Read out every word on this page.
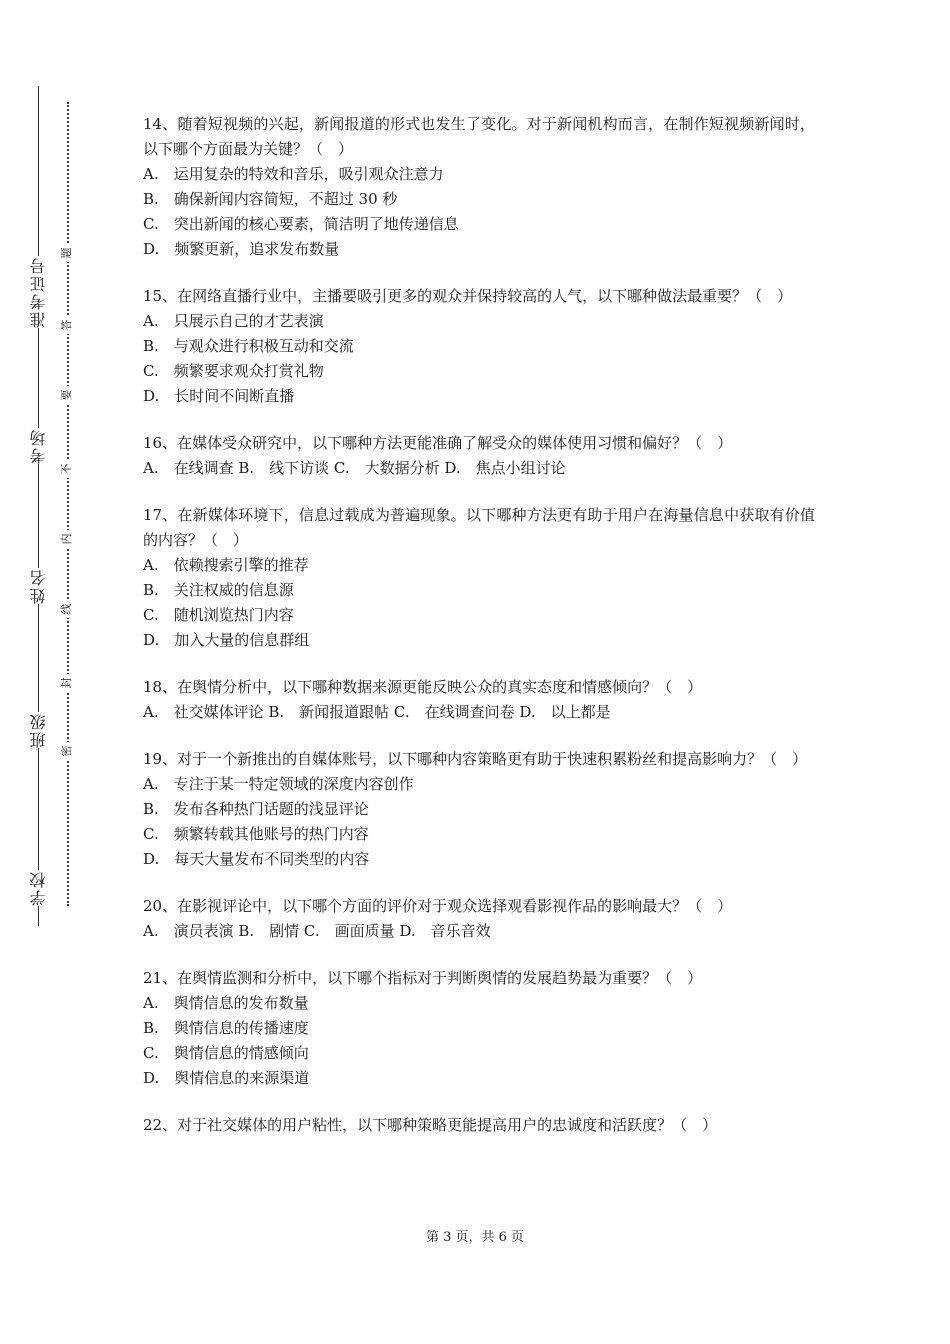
学校
班级
姓名
考场
准考证号
密
封
线
内
不
要
答
题

14、随着短视频的兴起，新闻报道的形式也发生了变化。对于新闻机构而言，在制作短视频新闻时，以下哪个方面最为关键？（　）

A.　运用复杂的特效和音乐，吸引观众注意力

B.　确保新闻内容简短，不超过 30 秒

C.　突出新闻的核心要素，简洁明了地传递信息

D.　频繁更新，追求发布数量

15、在网络直播行业中，主播要吸引更多的观众并保持较高的人气，以下哪种做法最重要？（　）

A.　只展示自己的才艺表演

B.　与观众进行积极互动和交流

C.　频繁要求观众打赏礼物

D.　长时间不间断直播

16、在媒体受众研究中，以下哪种方法更能准确了解受众的媒体使用习惯和偏好？（　）

A.　在线调查 B.　线下访谈 C.　大数据分析 D.　焦点小组讨论

17、在新媒体环境下，信息过载成为普遍现象。以下哪种方法更有助于用户在海量信息中获取有价值的内容？（　）

A.　依赖搜索引擎的推荐

B.　关注权威的信息源

C.　随机浏览热门内容

D.　加入大量的信息群组

18、在舆情分析中，以下哪种数据来源更能反映公众的真实态度和情感倾向？（　）

A.　社交媒体评论 B.　新闻报道跟帖 C.　在线调查问卷 D.　以上都是

19、对于一个新推出的自媒体账号，以下哪种内容策略更有助于快速积累粉丝和提高影响力？（　）

A.　专注于某一特定领域的深度内容创作

B.　发布各种热门话题的浅显评论

C.　频繁转载其他账号的热门内容

D.　每天大量发布不同类型的内容

20、在影视评论中，以下哪个方面的评价对于观众选择观看影视作品的影响最大？（　）

A.　演员表演 B.　剧情 C.　画面质量 D.　音乐音效

21、在舆情监测和分析中，以下哪个指标对于判断舆情的发展趋势最为重要？（　）

A.　舆情信息的发布数量

B.　舆情信息的传播速度

C.　舆情信息的情感倾向

D.　舆情信息的来源渠道

22、对于社交媒体的用户粘性，以下哪种策略更能提高用户的忠诚度和活跃度？（　）

第 3 页，共 6 页
